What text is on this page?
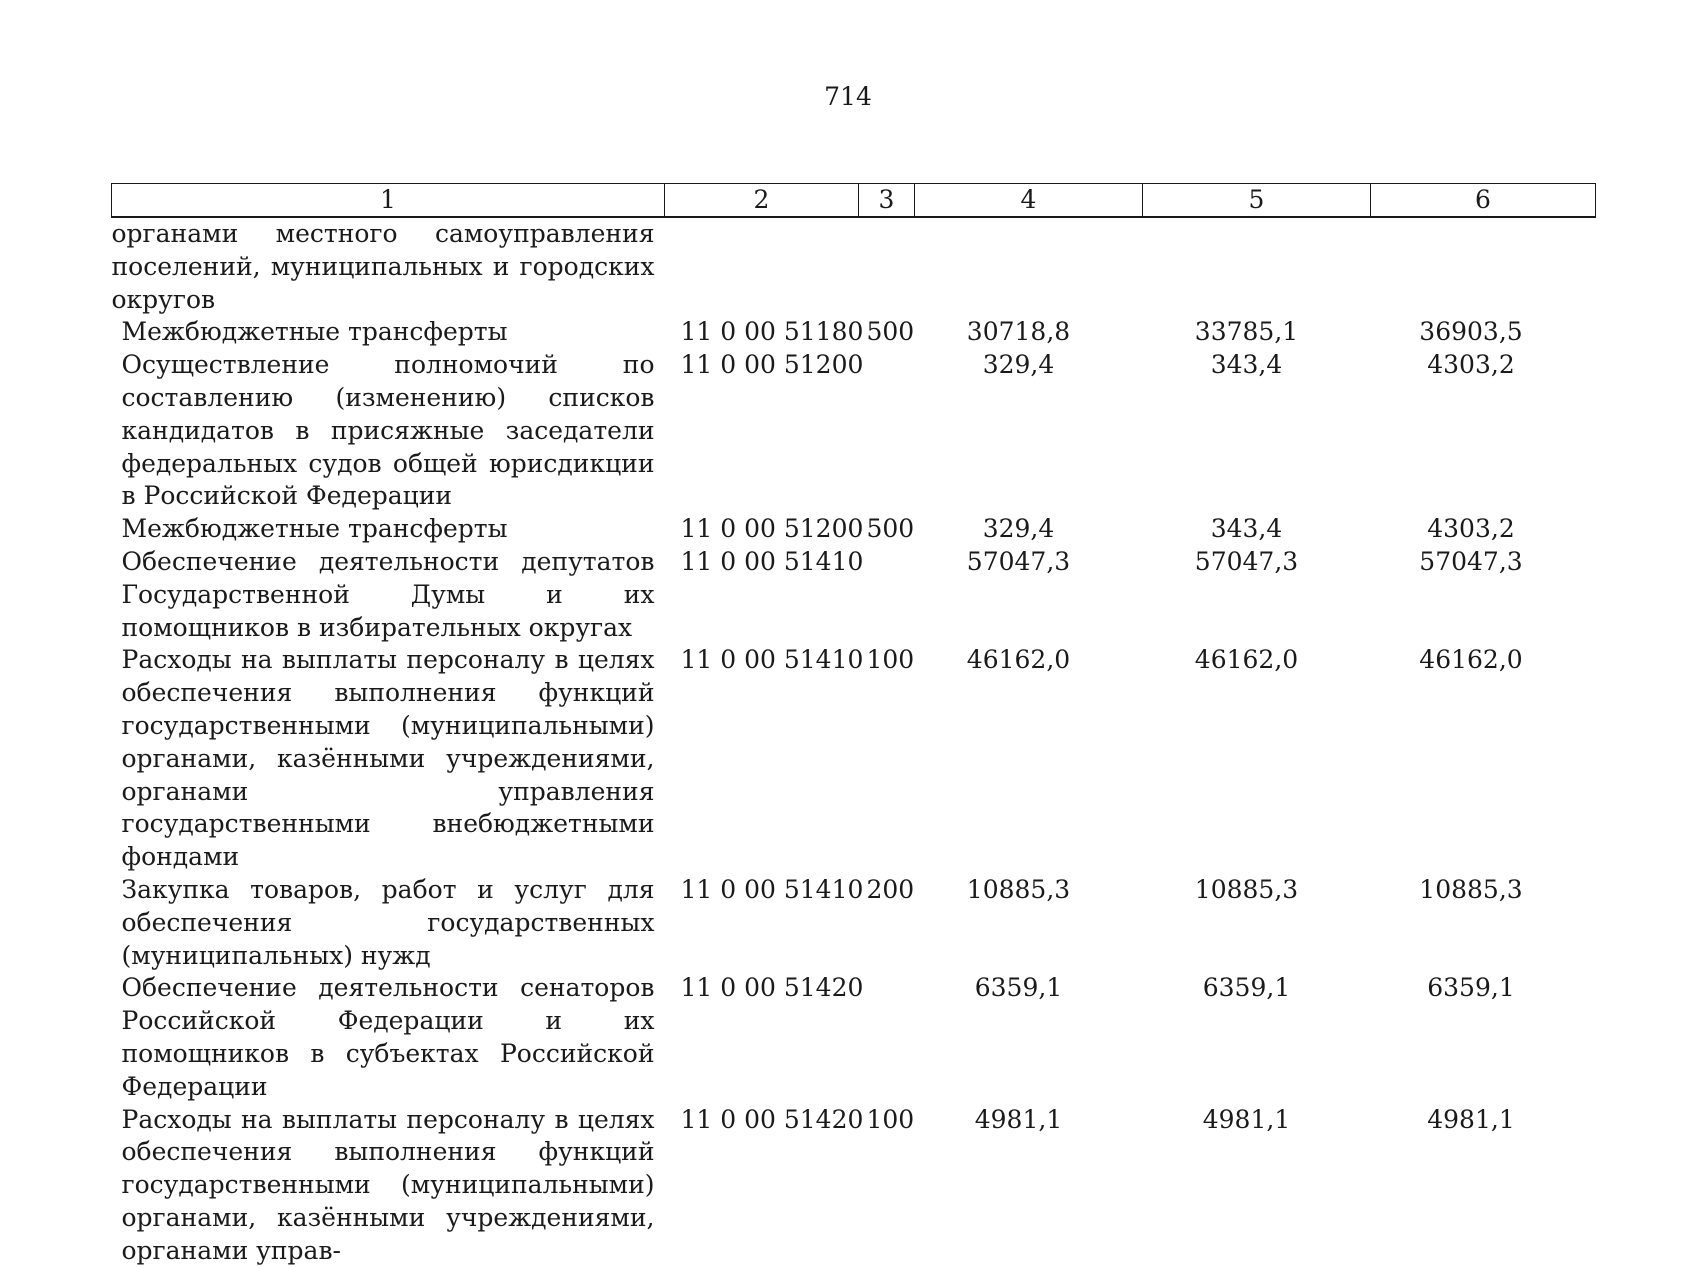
714
1	2	3	4	5	6
органами местного самоуправления поселений, муниципальных и городских округов					
Межбюджетные трансферты	11 0 00 51180	500	30718,8	33785,1	36903,5
Осуществление полномочий по составлению (изменению) списков кандидатов в присяжные заседатели федеральных судов общей юрисдикции в Российской Федерации	11 0 00 51200		329,4	343,4	4303,2
Межбюджетные трансферты	11 0 00 51200	500	329,4	343,4	4303,2
Обеспечение деятельности депутатов Государственной Думы и их помощников в избирательных округах	11 0 00 51410		57047,3	57047,3	57047,3
Расходы на выплаты персоналу в целях обеспечения выполнения функций государственными (муниципальными) органами, казёнными учреждениями, органами управления государственными внебюджетными фондами	11 0 00 51410	100	46162,0	46162,0	46162,0
Закупка товаров, работ и услуг для обеспечения государственных (муниципальных) нужд	11 0 00 51410	200	10885,3	10885,3	10885,3
Обеспечение деятельности сенаторов Российской Федерации и их помощников в субъектах Российской Федерации	11 0 00 51420		6359,1	6359,1	6359,1
Расходы на выплаты персоналу в целях обеспечения выполнения функций государственными (муниципальными) органами, казёнными учреждениями, органами управ-	11 0 00 51420	100	4981,1	4981,1	4981,1
